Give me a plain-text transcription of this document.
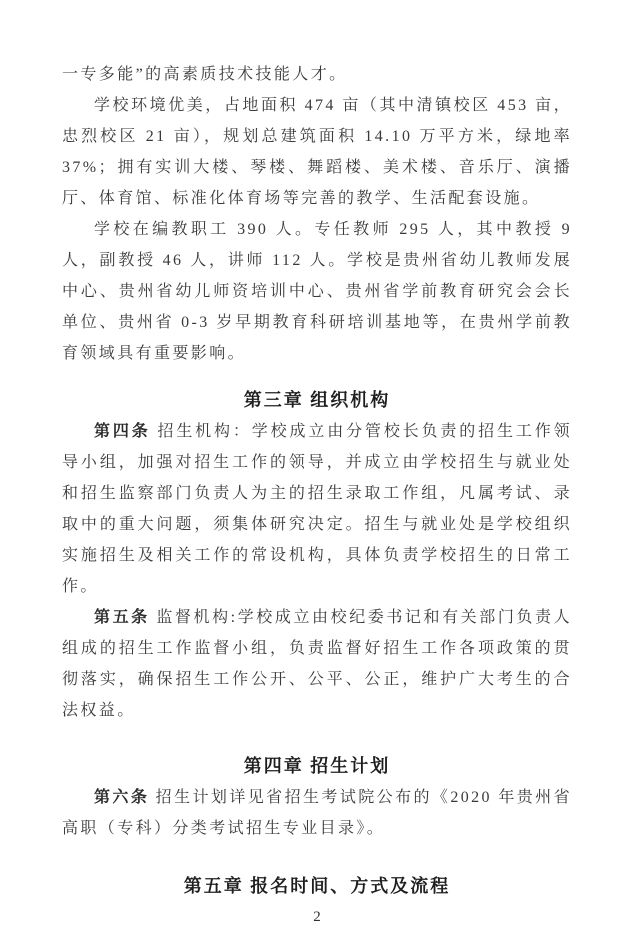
一专多能”的高素质技术技能人才。

学校环境优美，占地面积 474 亩（其中清镇校区 453 亩，忠烈校区 21 亩），规划总建筑面积 14.10 万平方米，绿地率 37%；拥有实训大楼、琴楼、舞蹈楼、美术楼、音乐厅、演播厅、体育馆、标准化体育场等完善的教学、生活配套设施。

学校在编教职工 390 人。专任教师 295 人，其中教授 9 人，副教授 46 人，讲师 112 人。学校是贵州省幼儿教师发展中心、贵州省幼儿师资培训中心、贵州省学前教育研究会会长单位、贵州省 0-3 岁早期教育科研培训基地等，在贵州学前教育领域具有重要影响。

第三章 组织机构

第四条 招生机构：学校成立由分管校长负责的招生工作领导小组，加强对招生工作的领导，并成立由学校招生与就业处和招生监察部门负责人为主的招生录取工作组，凡属考试、录取中的重大问题，须集体研究决定。招生与就业处是学校组织实施招生及相关工作的常设机构，具体负责学校招生的日常工作。

第五条 监督机构:学校成立由校纪委书记和有关部门负责人组成的招生工作监督小组，负责监督好招生工作各项政策的贯彻落实，确保招生工作公开、公平、公正，维护广大考生的合法权益。

第四章 招生计划

第六条 招生计划详见省招生考试院公布的《2020 年贵州省高职（专科）分类考试招生专业目录》。

第五章 报名时间、方式及流程

2
